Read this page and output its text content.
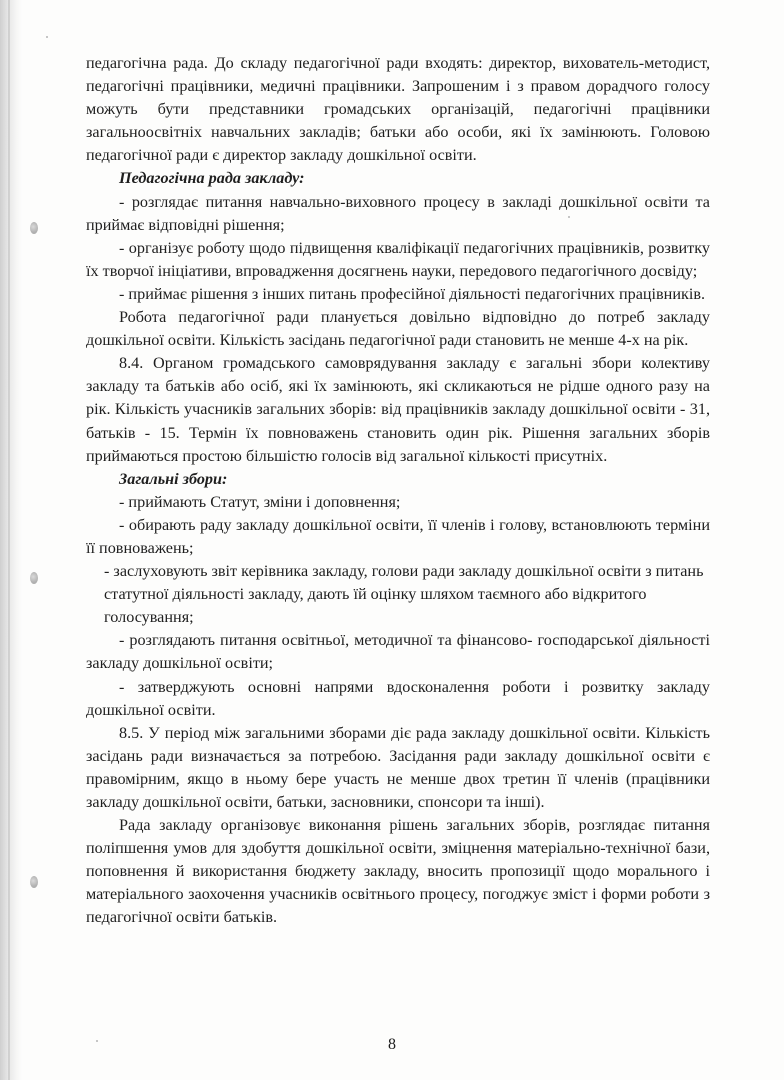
педагогічна рада. До складу педагогічної ради входять: директор, вихователь-методист, педагогічні працівники, медичні працівники. Запрошеним і з правом дорадчого голосу можуть бути представники громадських організацій, педагогічні працівники загальноосвітніх навчальних закладів; батьки або особи, які їх замінюють. Головою педагогічної ради є директор закладу дошкільної освіти.

Педагогічна рада закладу:

- розглядає питання навчально-виховного процесу в закладі дошкільної освіти та приймає відповідні рішення;

- організує роботу щодо підвищення кваліфікації педагогічних працівників, розвитку їх творчої ініціативи, впровадження досягнень науки, передового педагогічного досвіду;

- приймає рішення з інших питань професійної діяльності педагогічних працівників.

Робота педагогічної ради планується довільно відповідно до потреб закладу дошкільної освіти. Кількість засідань педагогічної ради становить не менше 4-х на рік.

8.4. Органом громадського самоврядування закладу є загальні збори колективу закладу та батьків або осіб, які їх замінюють, які скликаються не рідше одного разу на рік. Кількість учасників загальних зборів: від працівників закладу дошкільної освіти - 31, батьків - 15. Термін їх повноважень становить один рік. Рішення загальних зборів приймаються простою більшістю голосів від загальної кількості присутніх.

Загальні збори:

- приймають Статут, зміни і доповнення;

- обирають раду закладу дошкільної освіти, її членів і голову, встановлюють терміни її повноважень;

- заслуховують звіт керівника закладу, голови ради закладу дошкільної освіти з питань статутної діяльності закладу, дають їй оцінку шляхом таємного або відкритого голосування;

- розглядають питання освітньої, методичної та фінансово- господарської діяльності закладу дошкільної освіти;

- затверджують основні напрями вдосконалення роботи і розвитку закладу дошкільної освіти.

8.5. У період між загальними зборами діє рада закладу дошкільної освіти. Кількість засідань ради визначається за потребою. Засідання ради закладу дошкільної освіти є правомірним, якщо в ньому бере участь не менше двох третин її членів (працівники закладу дошкільної освіти, батьки, засновники, спонсори та інші).

Рада закладу організовує виконання рішень загальних зборів, розглядає питання поліпшення умов для здобуття дошкільної освіти, зміцнення матеріально-технічної бази, поповнення й використання бюджету закладу, вносить пропозиції щодо морального і матеріального заохочення учасників освітнього процесу, погоджує зміст і форми роботи з педагогічної освіти батьків.

8
